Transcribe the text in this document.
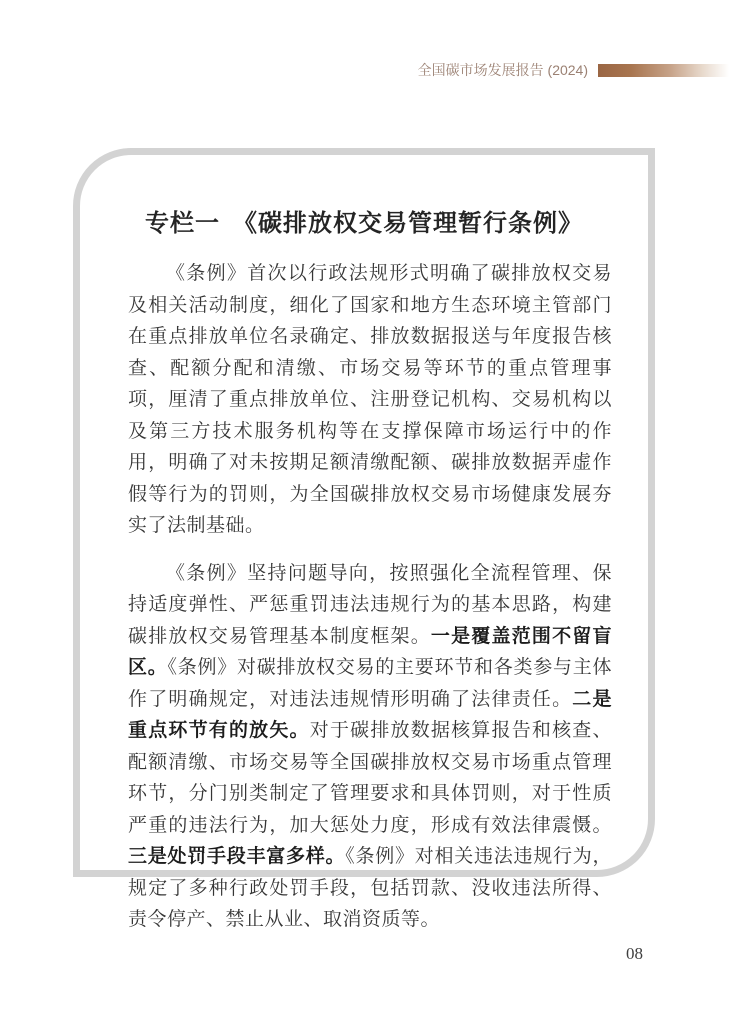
全国碳市场发展报告 (2024)
专栏一　《碳排放权交易管理暂行条例》

《条例》首次以行政法规形式明确了碳排放权交易及相关活动制度，细化了国家和地方生态环境主管部门在重点排放单位名录确定、排放数据报送与年度报告核查、配额分配和清缴、市场交易等环节的重点管理事项，厘清了重点排放单位、注册登记机构、交易机构以及第三方技术服务机构等在支撑保障市场运行中的作用，明确了对未按期足额清缴配额、碳排放数据弄虚作假等行为的罚则，为全国碳排放权交易市场健康发展夯实了法制基础。

《条例》坚持问题导向，按照强化全流程管理、保持适度弹性、严惩重罚违法违规行为的基本思路，构建碳排放权交易管理基本制度框架。一是覆盖范围不留盲区。《条例》对碳排放权交易的主要环节和各类参与主体作了明确规定，对违法违规情形明确了法律责任。二是重点环节有的放矢。对于碳排放数据核算报告和核查、配额清缴、市场交易等全国碳排放权交易市场重点管理环节，分门别类制定了管理要求和具体罚则，对于性质严重的违法行为，加大惩处力度，形成有效法律震慑。三是处罚手段丰富多样。《条例》对相关违法违规行为，规定了多种行政处罚手段，包括罚款、没收违法所得、责令停产、禁止从业、取消资质等。

08
